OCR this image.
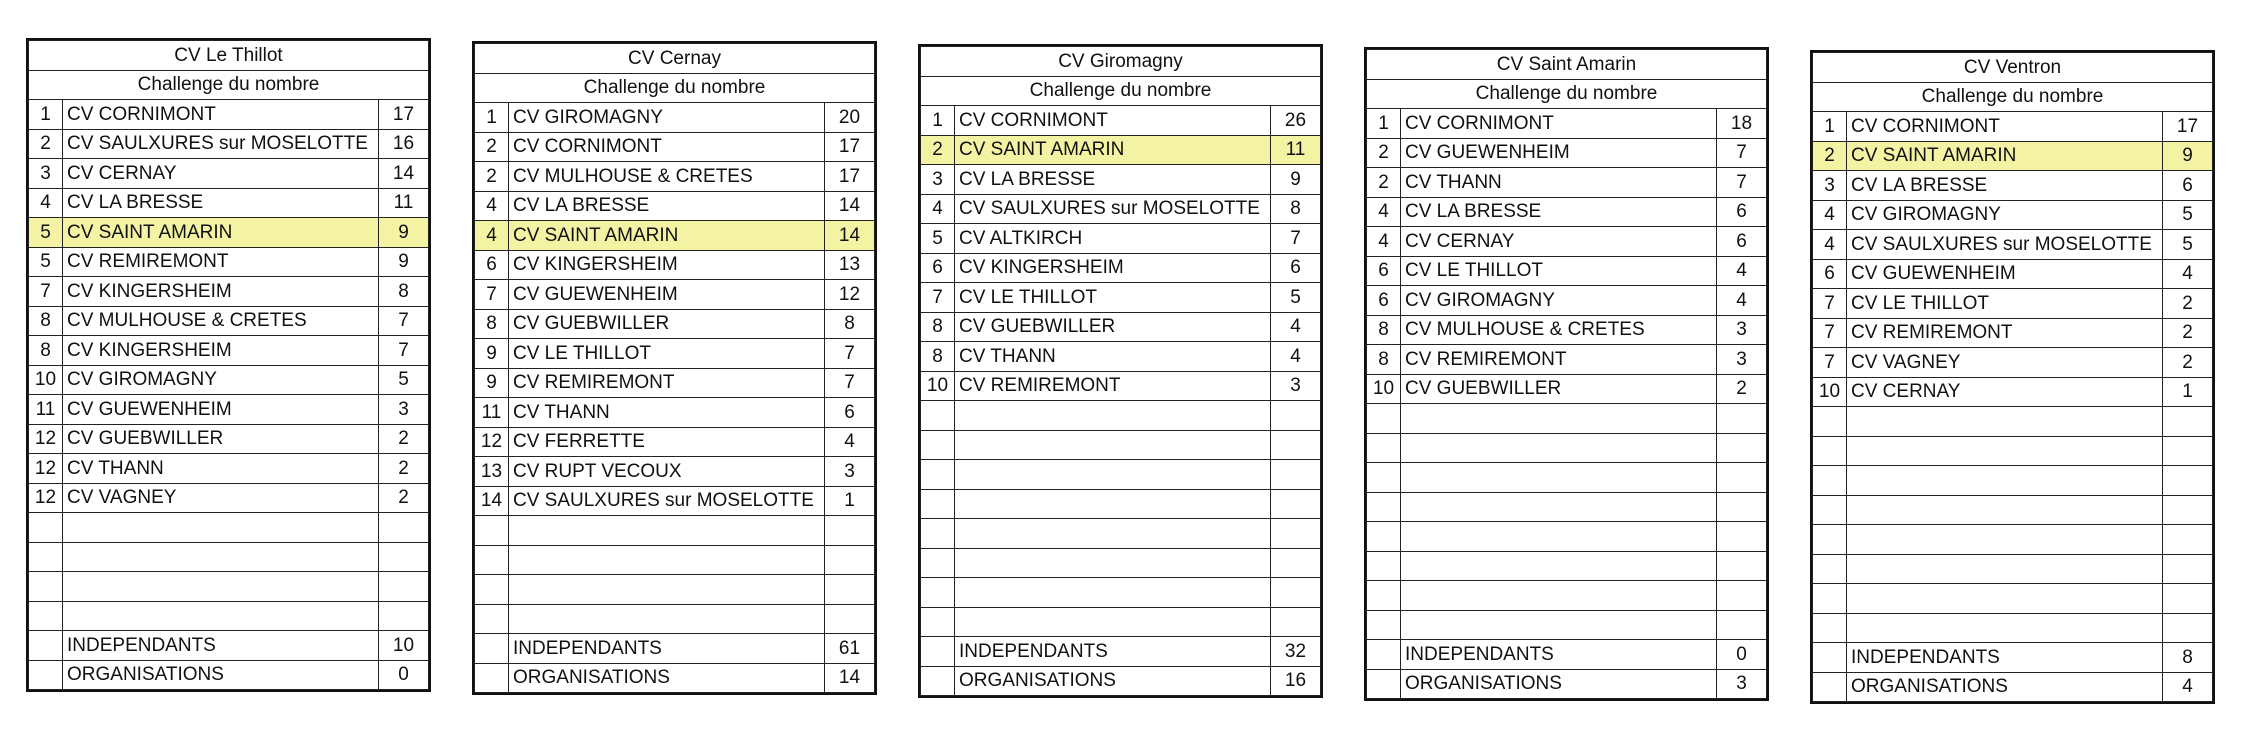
CV Le Thillot		
Challenge du nombre		
1	CV CORNIMONT	17
2	CV SAULXURES sur MOSELOTTE	16
3	CV CERNAY	14
4	CV LA BRESSE	11
5	CV SAINT AMARIN	9
5	CV REMIREMONT	9
7	CV KINGERSHEIM	8
8	CV MULHOUSE & CRETES	7
8	CV KINGERSHEIM	7
10	CV GIROMAGNY	5
11	CV GUEWENHEIM	3
12	CV GUEBWILLER	2
12	CV THANN	2
12	CV VAGNEY	2

	INDEPENDANTS	10
	ORGANISATIONS	0
CV Cernay		
Challenge du nombre		
1	CV GIROMAGNY	20
2	CV CORNIMONT	17
2	CV MULHOUSE & CRETES	17
4	CV LA BRESSE	14
4	CV SAINT AMARIN	14
6	CV KINGERSHEIM	13
7	CV GUEWENHEIM	12
8	CV GUEBWILLER	8
9	CV LE THILLOT	7
9	CV REMIREMONT	7
11	CV THANN	6
12	CV FERRETTE	4
13	CV RUPT VECOUX	3
14	CV SAULXURES sur MOSELOTTE	1

	INDEPENDANTS	61
	ORGANISATIONS	14
CV Giromagny		
Challenge du nombre		
1	CV CORNIMONT	26
2	CV SAINT AMARIN	11
3	CV LA BRESSE	9
4	CV SAULXURES sur MOSELOTTE	8
5	CV ALTKIRCH	7
6	CV KINGERSHEIM	6
7	CV LE THILLOT	5
8	CV GUEBWILLER	4
8	CV THANN	4
10	CV REMIREMONT	3

	INDEPENDANTS	32
	ORGANISATIONS	16
CV Saint Amarin		
Challenge du nombre		
1	CV CORNIMONT	18
2	CV GUEWENHEIM	7
2	CV THANN	7
4	CV LA BRESSE	6
4	CV CERNAY	6
6	CV LE THILLOT	4
6	CV GIROMAGNY	4
8	CV MULHOUSE & CRETES	3
8	CV REMIREMONT	3
10	CV GUEBWILLER	2

	INDEPENDANTS	0
	ORGANISATIONS	3
CV Ventron		
Challenge du nombre		
1	CV CORNIMONT	17
2	CV SAINT AMARIN	9
3	CV LA BRESSE	6
4	CV GIROMAGNY	5
4	CV SAULXURES sur MOSELOTTE	5
6	CV GUEWENHEIM	4
7	CV LE THILLOT	2
7	CV REMIREMONT	2
7	CV VAGNEY	2
10	CV CERNAY	1

	INDEPENDANTS	8
	ORGANISATIONS	4
